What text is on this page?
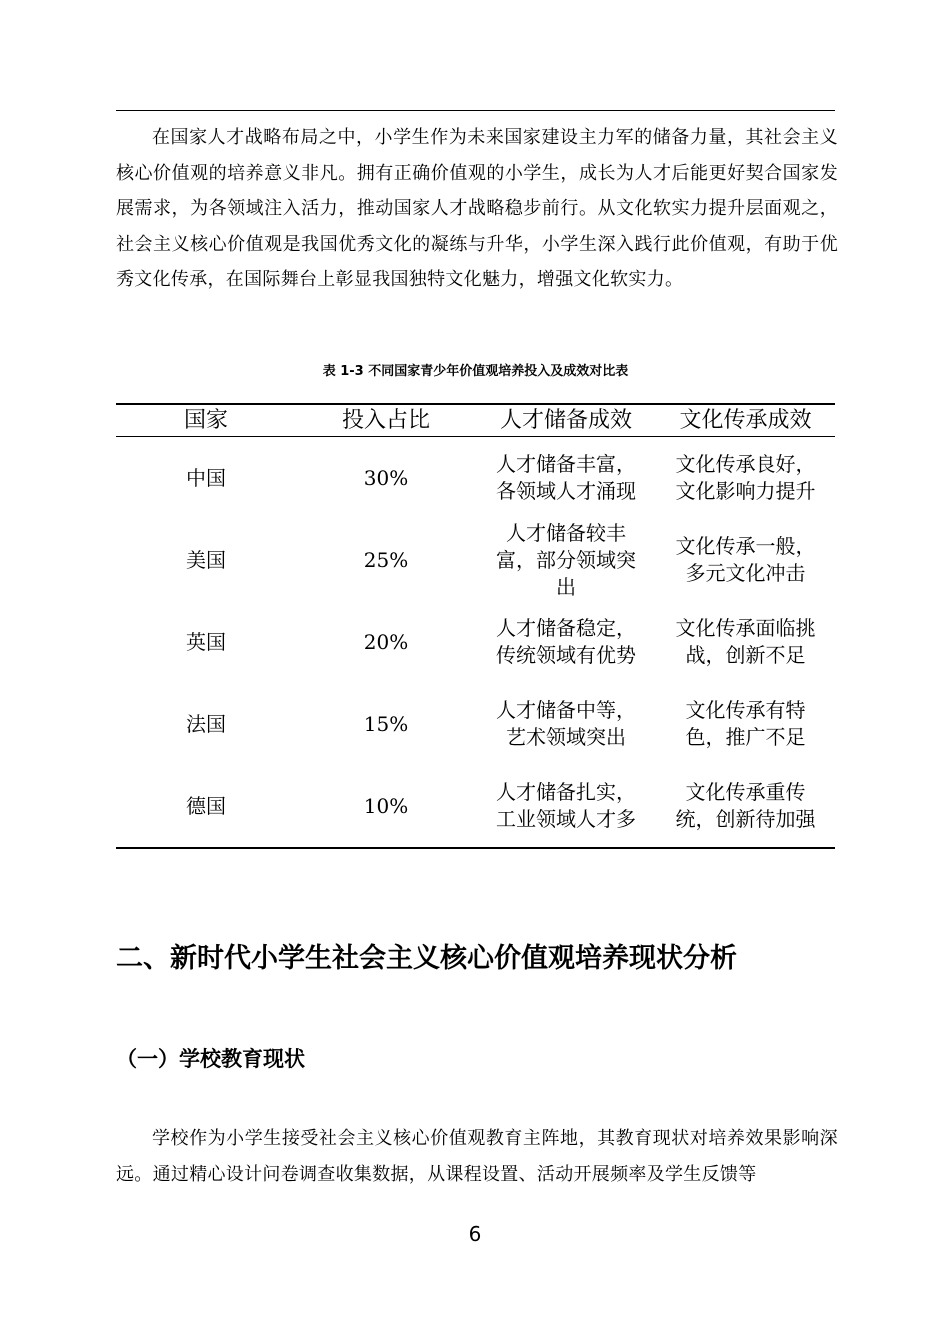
在国家人才战略布局之中，小学生作为未来国家建设主力军的储备力量，其社会主义核心价值观的培养意义非凡。拥有正确价值观的小学生，成长为人才后能更好契合国家发展需求，为各领域注入活力，推动国家人才战略稳步前行。从文化软实力提升层面观之，社会主义核心价值观是我国优秀文化的凝练与升华，小学生深入践行此价值观，有助于优秀文化传承，在国际舞台上彰显我国独特文化魅力，增强文化软实力。

表 1-3 不同国家青少年价值观培养投入及成效对比表
国家	投入占比	人才储备成效	文化传承成效
中国	30%	人才储备丰富，各领域人才涌现	文化传承良好，文化影响力提升
美国	25%	人才储备较丰富，部分领域突出	文化传承一般，多元文化冲击
英国	20%	人才储备稳定，传统领域有优势	文化传承面临挑战，创新不足
法国	15%	人才储备中等，艺术领域突出	文化传承有特色，推广不足
德国	10%	人才储备扎实，工业领域人才多	文化传承重传统，创新待加强
二、新时代小学生社会主义核心价值观培养现状分析
（一）学校教育现状

学校作为小学生接受社会主义核心价值观教育主阵地，其教育现状对培养效果影响深远。通过精心设计问卷调查收集数据，从课程设置、活动开展频率及学生反馈等

6
